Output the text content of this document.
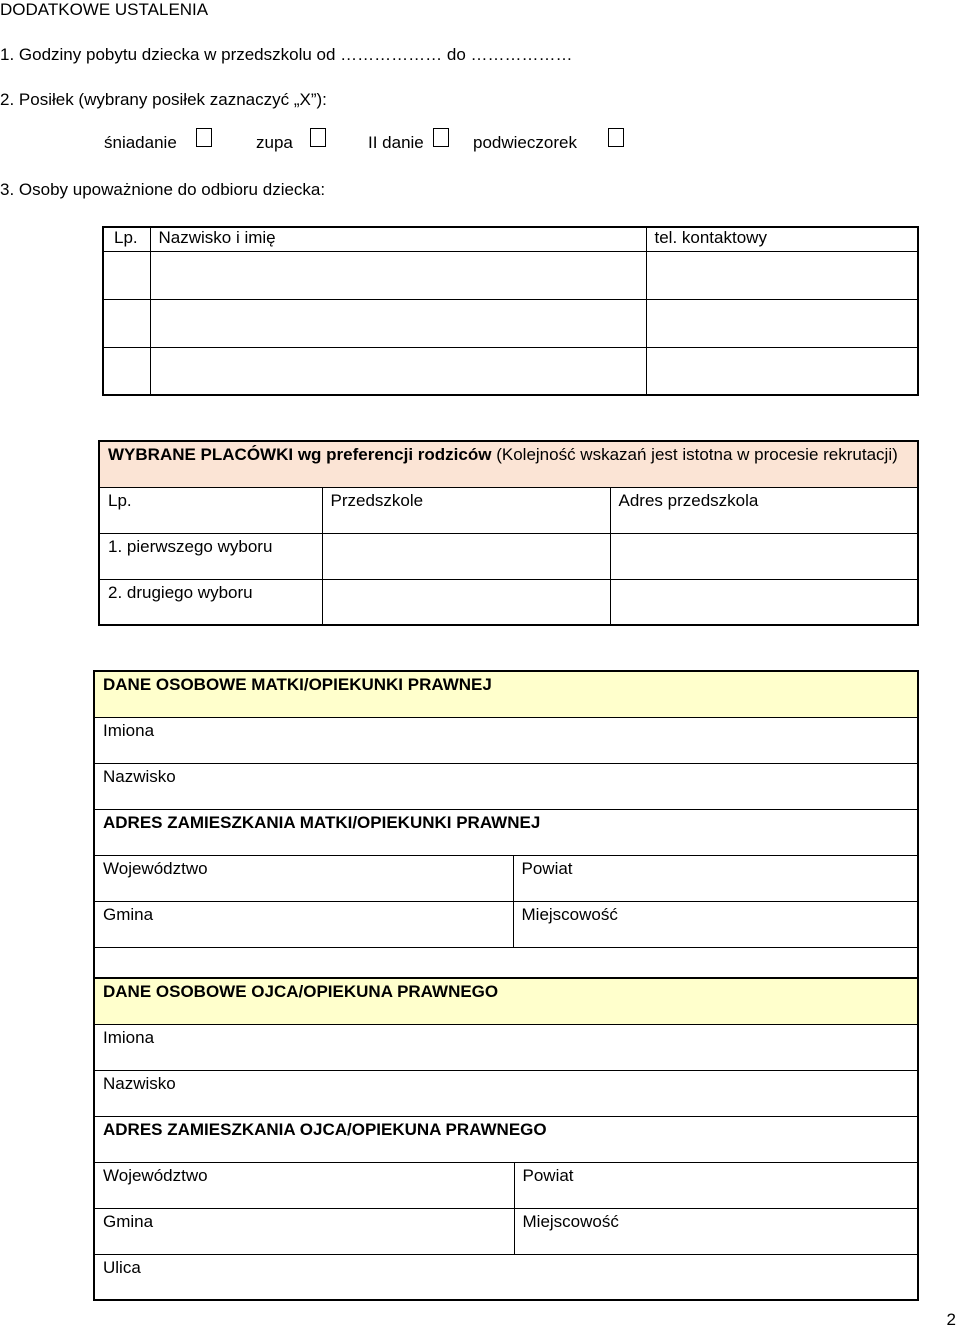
DODATKOWE USTALENIA
1. Godziny pobytu dziecka w przedszkolu od ……………… do ………………
2. Posiłek (wybrany posiłek zaznaczyć „X”):
śniadanie	zupa	II danie	podwieczorek
3. Osoby upoważnione do odbioru dziecka:
Lp.	Nazwisko i imię	tel. kontaktowy

WYBRANE PLACÓWKI wg preferencji rodziców (Kolejność wskazań jest istotna w procesie rekrutacji)		
Lp.	Przedszkole	Adres przedszkola
1. pierwszego wyboru		
2. drugiego wyboru		
DANE OSOBOWE MATKI/OPIEKUNKI PRAWNEJ	
Imiona	
Nazwisko	
ADRES ZAMIESZKANIA MATKI/OPIEKUNKI PRAWNEJ	
Województwo	Powiat
Gmina	Miejscowość

DANE OSOBOWE OJCA/OPIEKUNA PRAWNEGO	
Imiona	
Nazwisko	
ADRES ZAMIESZKANIA OJCA/OPIEKUNA PRAWNEGO	
Województwo	Powiat
Gmina	Miejscowość
Ulica	
2
